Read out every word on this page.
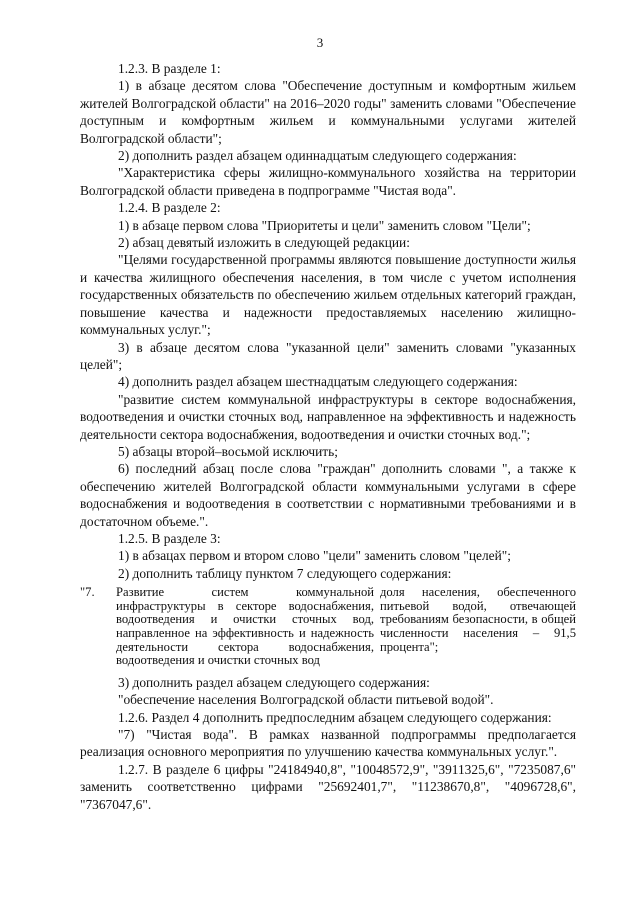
3

1.2.3. В разделе 1:

1) в абзаце десятом слова "Обеспечение доступным и комфортным жильем жителей Волгоградской области" на 2016–2020 годы" заменить словами "Обеспечение доступным и комфортным жильем и коммунальными услугами жителей Волгоградской области";

2) дополнить раздел абзацем одиннадцатым следующего содержания:

"Характеристика сферы жилищно-коммунального хозяйства на территории Волгоградской области приведена в подпрограмме "Чистая вода".

1.2.4. В разделе 2:

1) в абзаце первом слова "Приоритеты и цели" заменить словом "Цели";

2) абзац девятый изложить в следующей редакции:

"Целями государственной программы являются повышение доступности жилья и качества жилищного обеспечения населения, в том числе с учетом исполнения государственных обязательств по обеспечению жильем отдельных категорий граждан, повышение качества и надежности предоставляемых населению жилищно-коммунальных услуг.";

3) в абзаце десятом слова "указанной цели" заменить словами "указанных целей";

4) дополнить раздел абзацем шестнадцатым следующего содержания:

"развитие систем коммунальной инфраструктуры в секторе водоснабжения, водоотведения и очистки сточных вод, направленное на эффективность и надежность деятельности сектора водоснабжения, водоотведения и очистки сточных вод.";

5) абзацы второй–восьмой исключить;

6) последний абзац после слова "граждан" дополнить словами ", а также к обеспечению жителей Волгоградской области коммунальными услугами в сфере водоснабжения и водоотведения в соответствии с нормативными требованиями и в достаточном объеме.".

1.2.5. В разделе 3:

1) в абзацах первом и втором слово "цели" заменить словом "целей";

2) дополнить таблицу пунктом 7 следующего содержания:

"7.	Развитие систем коммунальной инфраструктуры в секторе водоснабжения, водоотведения и очистки сточных вод, направленное на эффективность и надежность деятельности сектора водоснабжения, водоотведения и очистки сточных вод
доля населения, обеспеченного питьевой водой, отвечающей требованиям безопасности, в общей численности населения – 91,5 процента";

3) дополнить раздел абзацем следующего содержания:

"обеспечение населения Волгоградской области питьевой водой".

1.2.6. Раздел 4 дополнить предпоследним абзацем следующего содержания:

"7) "Чистая вода". В рамках названной подпрограммы предполагается реализация основного мероприятия по улучшению качества коммунальных услуг.".

1.2.7. В разделе 6 цифры "24184940,8", "10048572,9", "3911325,6", "7235087,6" заменить соответственно цифрами "25692401,7", "11238670,8", "4096728,6", "7367047,6".
